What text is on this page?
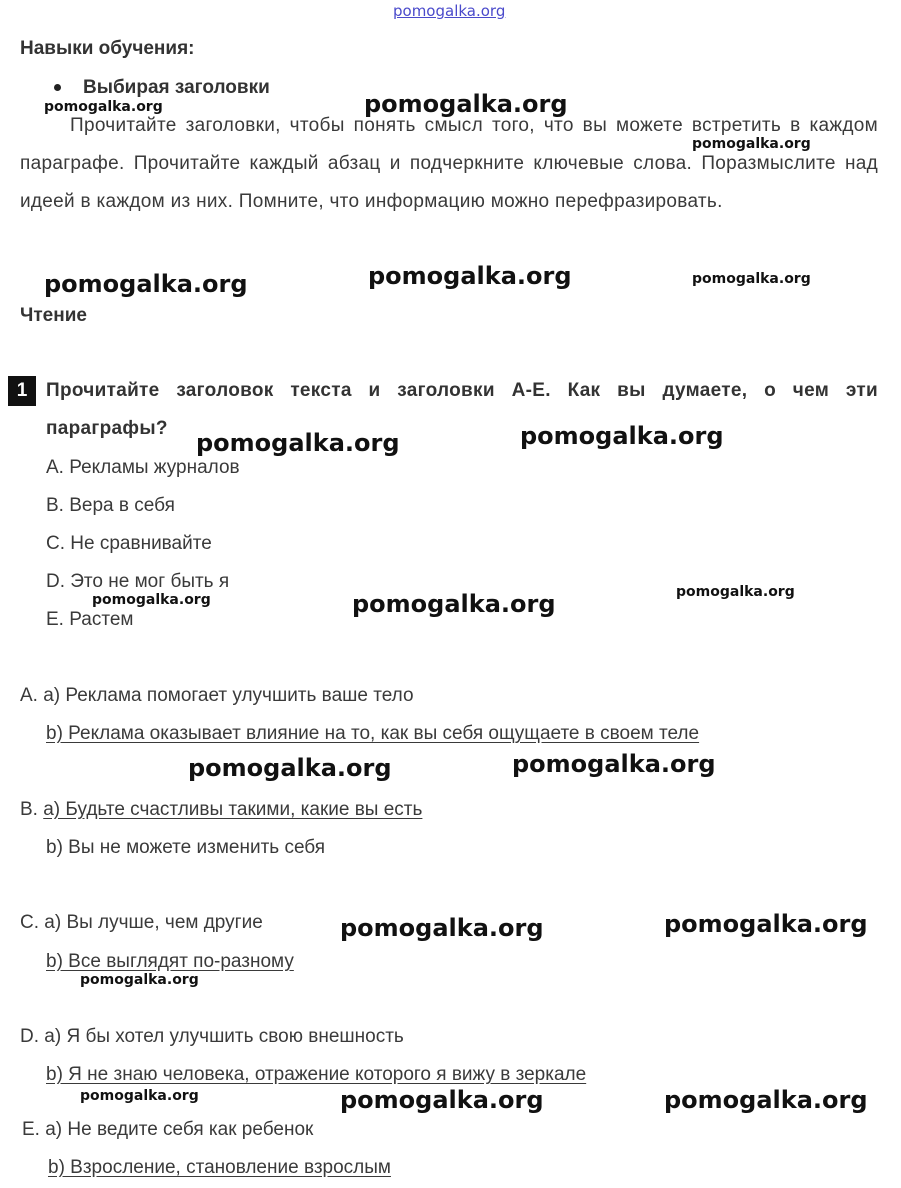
pomogalka.org
Навыки обучения:
Выбирая заголовки
Прочитайте заголовки, чтобы понять смысл того, что вы можете встретить в каждом параграфе. Прочитайте каждый абзац и подчеркните ключевые слова. Поразмыслите над идеей в каждом из них. Помните, что информацию можно перефразировать.
Чтение
1 Прочитайте заголовок текста и заголовки A-E. Как вы думаете, о чем эти параграфы?
A. Рекламы журналов
B. Вера в себя
C. Не сравнивайте
D. Это не мог быть я
E. Растем
A. a) Реклама помогает улучшить ваше тело
b) Реклама оказывает влияние на то, как вы себя ощущаете в своем теле
B. a) Будьте счастливы такими, какие вы есть
b) Вы не можете изменить себя
C. a) Вы лучше, чем другие
b) Все выглядят по-разному
D. a) Я бы хотел улучшить свою внешность
b) Я не знаю человека, отражение которого я вижу в зеркале
E. a) Не ведите себя как ребенок
b) Взросление, становление взрослым
pomogalka.org
pomogalka.org
pomogalka.org
pomogalka.org
pomogalka.org	pomogalka.org
pomogalka.org	pomogalka.org
pomogalka.org	pomogalka.org	pomogalka.org
pomogalka.org	pomogalka.org
pomogalka.org	pomogalka.org
pomogalka.org
pomogalka.org	pomogalka.org	pomogalka.org
